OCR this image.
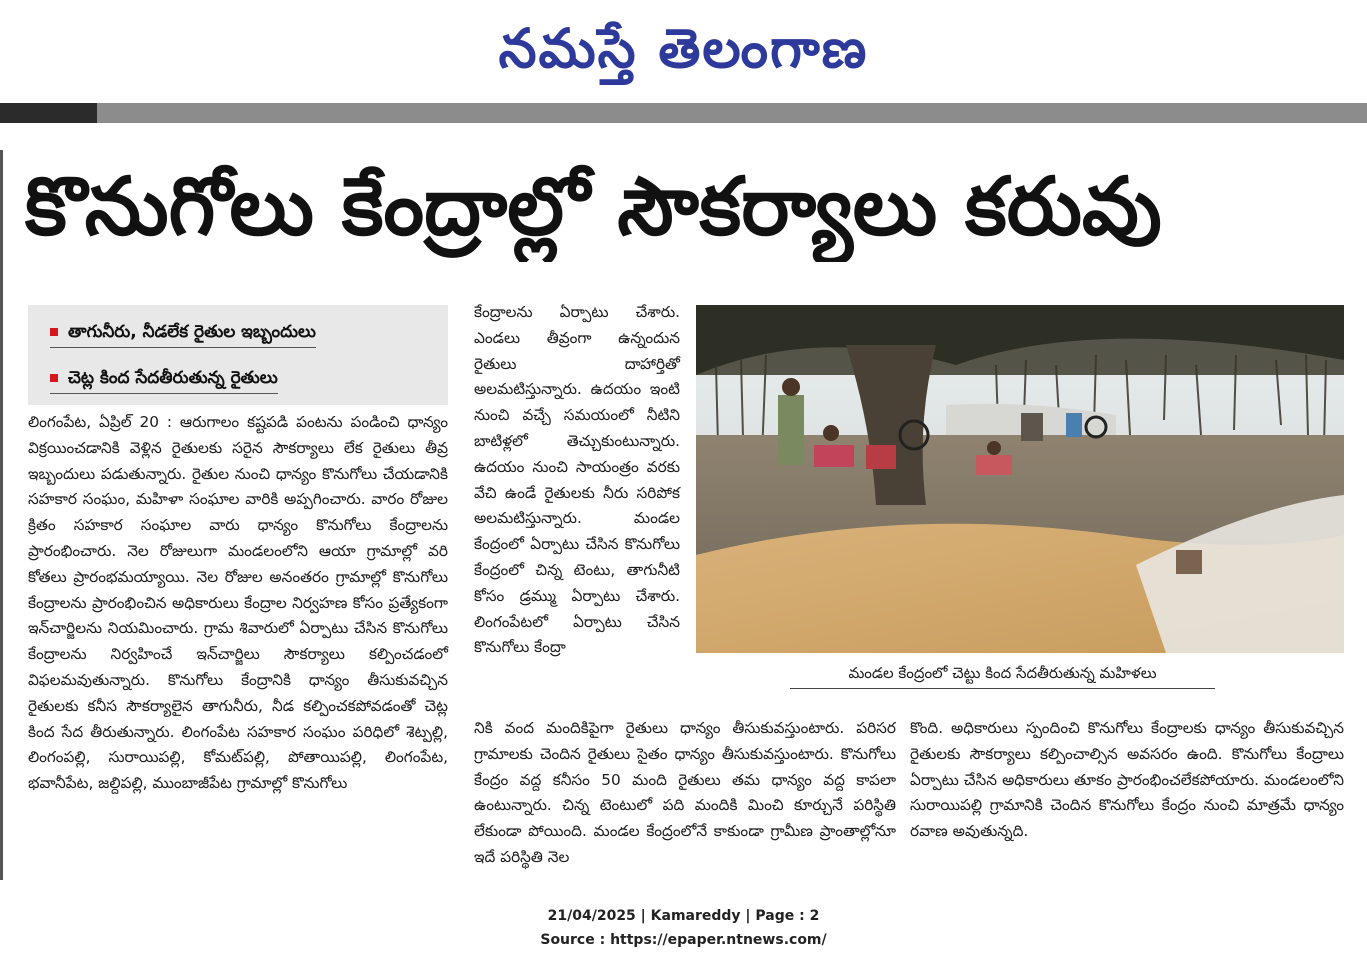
నమస్తే తెలంగాణ
కొనుగోలు కేంద్రాల్లో సౌకర్యాలు కరువు
తాగునీరు, నీడలేక రైతుల ఇబ్బందులు
చెట్ల కింద సేదతీరుతున్న రైతులు

లింగంపేట, ఏప్రిల్ 20 : ఆరుగాలం కష్టపడి పంటను పండించి ధాన్యం విక్రయించడానికి వెళ్లిన రైతులకు సరైన సౌకర్యాలు లేక రైతులు తీవ్ర ఇబ్బందులు పడుతున్నారు. రైతుల నుంచి ధాన్యం కొనుగోలు చేయడానికి సహకార సంఘం, మహిళా సంఘాల వారికి అప్పగించారు. వారం రోజుల క్రితం సహకార సంఘాల వారు ధాన్యం కొనుగోలు కేంద్రాలను ప్రారంభించారు. నెల రోజులుగా మండలంలోని ఆయా గ్రామాల్లో వరి కోతలు ప్రారంభమయ్యాయి. నెల రోజుల అనంతరం గ్రామాల్లో కొనుగోలు కేంద్రాలను ప్రారంభించిన అధికారులు కేంద్రాల నిర్వహణ కోసం ప్రత్యేకంగా ఇన్‌చార్జిలను నియమించారు. గ్రామ శివారులో ఏర్పాటు చేసిన కొనుగోలు కేంద్రాలను నిర్వహించే ఇన్‌చార్జిలు సౌకర్యాలు కల్పించడంలో విఫలమవుతున్నారు. కొనుగోలు కేంద్రానికి ధాన్యం తీసుకువచ్చిన రైతులకు కనీస సౌకర్యాలైన తాగునీరు, నీడ కల్పించకపోవడంతో చెట్ల కింద సేద తీరుతున్నారు. లింగంపేట సహకార సంఘం పరిధిలో శెట్పల్లి, లింగంపల్లి, సురాయిపల్లి, కోమట్‌పల్లి, పోతాయిపల్లి, లింగంపేట, భవానీపేట, జల్దిపల్లి, ముంబాజీపేట గ్రామాల్లో కొనుగోలు

కేంద్రాలను ఏర్పాటు చేశారు. ఎండలు తీవ్రంగా ఉన్నందున రైతులు దాహార్తితో అలమటిస్తున్నారు. ఉదయం ఇంటి నుంచి వచ్చే సమయంలో నీటిని బాటిళ్లలో తెచ్చుకుంటున్నారు. ఉదయం నుంచి సాయంత్రం వరకు వేచి ఉండే రైతులకు నీరు సరిపోక అలమటిస్తున్నారు. మండల కేంద్రంలో ఏర్పాటు చేసిన కొనుగోలు కేంద్రంలో చిన్న టెంటు, తాగునీటి కోసం డ్రమ్ము ఏర్పాటు చేశారు. లింగంపేటలో ఏర్పాటు చేసిన కొనుగోలు కేంద్రా

నికి వంద మందికిపైగా రైతులు ధాన్యం తీసుకువస్తుంటారు. పరిసర గ్రామాలకు చెందిన రైతులు సైతం ధాన్యం తీసుకువస్తుంటారు. కొనుగోలు కేంద్రం వద్ద కనీసం 50 మంది రైతులు తమ ధాన్యం వద్ద కాపలా ఉంటున్నారు. చిన్న టెంటులో పది మందికి మించి కూర్చునే పరిస్థితి లేకుండా పోయింది. మండల కేంద్రంలోనే కాకుండా గ్రామీణ ప్రాంతాల్లోనూ ఇదే పరిస్థితి నెల

కొంది. అధికారులు స్పందించి కొనుగోలు కేంద్రాలకు ధాన్యం తీసుకువచ్చిన రైతులకు సౌకర్యాలు కల్పించాల్సిన అవసరం ఉంది. కొనుగోలు కేంద్రాలు ఏర్పాటు చేసిన అధికారులు తూకం ప్రారంభించలేకపోయారు. మండలంలోని సురాయిపల్లి గ్రామానికి చెందిన కొనుగోలు కేంద్రం నుంచి మాత్రమే ధాన్యం రవాణ అవుతున్నది.

మండల కేంద్రంలో చెట్టు కింద సేదతీరుతున్న మహిళలు
21/04/2025 | Kamareddy | Page : 2
Source : https://epaper.ntnews.com/
